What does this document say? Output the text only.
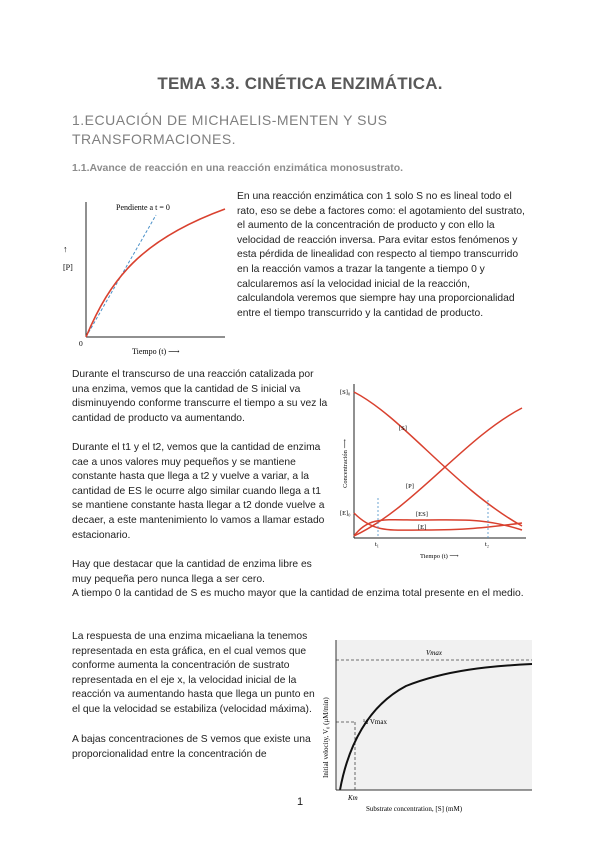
TEMA 3.3. CINÉTICA ENZIMÁTICA.
1.ECUACIÓN DE MICHAELIS-MENTEN Y SUS TRANSFORMACIONES.
1.1.Avance de reacción en una reacción enzimática monosustrato.
Pendiente a t = 0
[P]
↑
0
Tiempo (t) ⟶
En una reacción enzimática con 1 solo S no es lineal todo el rato, eso se debe a factores como: el agotamiento del sustrato, el aumento de la concentración de producto y con ello la velocidad de reacción inversa. Para evitar estos fenómenos y esta pérdida de linealidad con respecto al tiempo transcurrido en la reacción vamos a trazar la tangente a tiempo 0 y calcularemos así la velocidad inicial de la reacción, calculandola veremos que siempre hay una proporcionalidad entre el tiempo transcurrido y la cantidad de producto.
Durante el transcurso de una reacción catalizada por una enzima, vemos que la cantidad de S inicial va disminuyendo conforme transcurre el tiempo a su vez la cantidad de producto va aumentando.
Durante el t1 y el t2, vemos que la cantidad de enzima cae a unos valores muy pequeños y se mantiene constante hasta que llega a t2 y vuelve a variar, a la cantidad de ES le ocurre algo similar cuando llega a t1 se mantiene constante hasta llegar a t2 donde vuelve a decaer, a este mantenimiento lo vamos a llamar estado estacionario.
[S]₀
[E]₀
[S]
[P]
[ES]
[E]
t₁	t₂
Tiempo (t) ⟶
Concentración ⟶
Hay que destacar que la cantidad de enzima libre es muy pequeña pero nunca llega a ser cero.
A tiempo 0 la cantidad de S es mucho mayor que la cantidad de enzima total presente en el medio.
La respuesta de una enzima micaeliana la tenemos representada en esta gráfica, en el cual vemos que conforme aumenta la concentración de sustrato representada en el eje x, la velocidad inicial de la reacción va aumentando hasta que llega un punto en el que la velocidad se estabiliza (velocidad máxima).
A bajas concentraciones de S vemos que existe una proporcionalidad entre la concentración de
Vmax
½ Vmax
Km
Substrate concentration, [S] (mM)
Initial velocity, V₀ (μM/min)
1
